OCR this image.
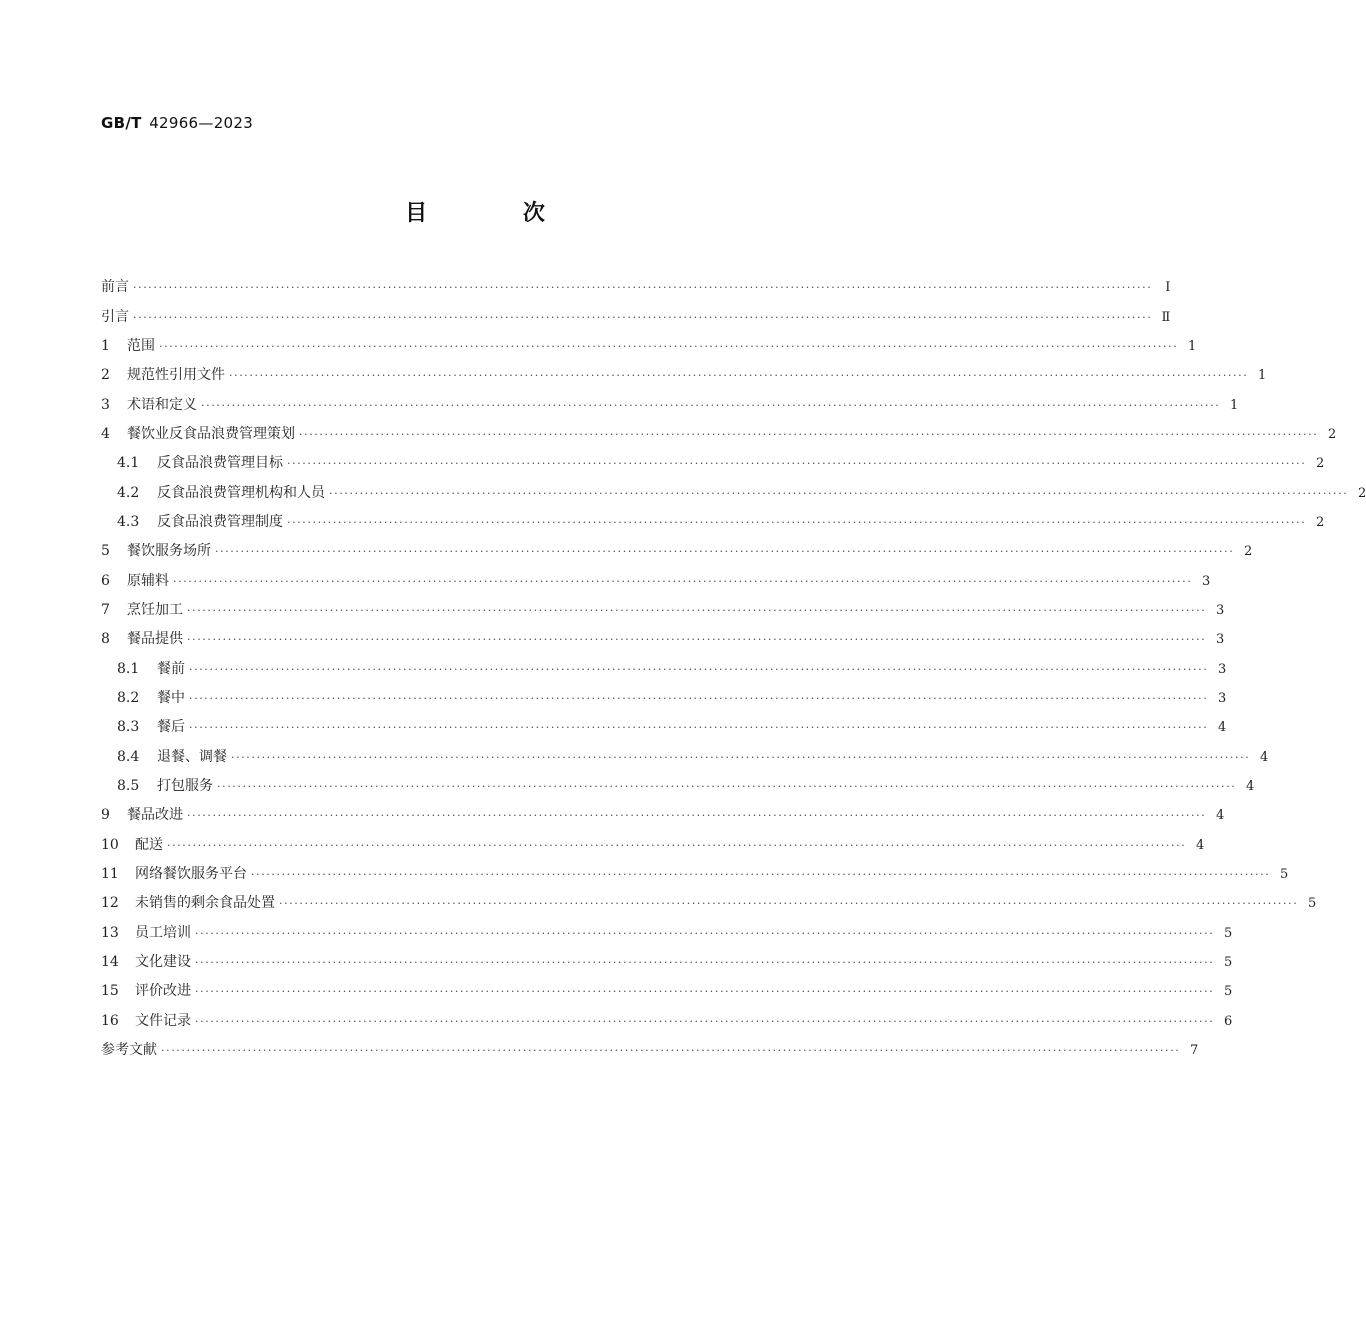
GB/T 42966—2023
目 次
前言 ········································································································································································································ Ⅰ
引言 ········································································································································································································ Ⅱ
1	范围 ········································································································································································································ 1
2	规范性引用文件 ········································································································································································································ 1
3	术语和定义 ········································································································································································································ 1
4	餐饮业反食品浪费管理策划 ········································································································································································································ 2
4.1	反食品浪费管理目标 ········································································································································································································ 2
4.2	反食品浪费管理机构和人员 ········································································································································································································ 2
4.3	反食品浪费管理制度 ········································································································································································································ 2
5	餐饮服务场所 ········································································································································································································ 2
6	原辅料 ········································································································································································································ 3
7	烹饪加工 ········································································································································································································ 3
8	餐品提供 ········································································································································································································ 3
8.1	餐前 ········································································································································································································ 3
8.2	餐中 ········································································································································································································ 3
8.3	餐后 ········································································································································································································ 4
8.4	退餐、调餐 ········································································································································································································ 4
8.5	打包服务 ········································································································································································································ 4
9	餐品改进 ········································································································································································································ 4
10	配送 ········································································································································································································ 4
11	网络餐饮服务平台 ········································································································································································································ 5
12	未销售的剩余食品处置 ········································································································································································································ 5
13	员工培训 ········································································································································································································ 5
14	文化建设 ········································································································································································································ 5
15	评价改进 ········································································································································································································ 5
16	文件记录 ········································································································································································································ 6
参考文献 ········································································································································································································ 7
